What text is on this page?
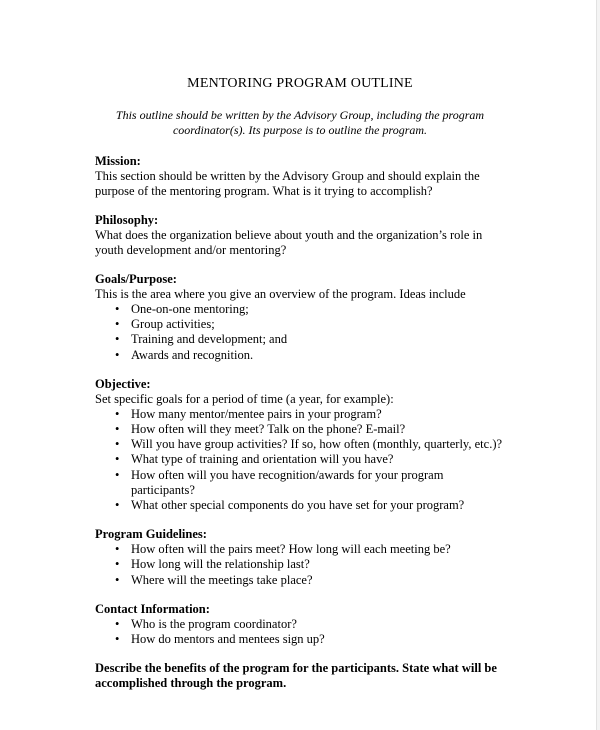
MENTORING PROGRAM OUTLINE
This outline should be written by the Advisory Group, including the program coordinator(s). Its purpose is to outline the program.
Mission:
This section should be written by the Advisory Group and should explain the purpose of the mentoring program. What is it trying to accomplish?
Philosophy:
What does the organization believe about youth and the organization’s role in youth development and/or mentoring?
Goals/Purpose:
This is the area where you give an overview of the program. Ideas include
• One-on-one mentoring;
• Group activities;
• Training and development; and
• Awards and recognition.
Objective:
Set specific goals for a period of time (a year, for example):
• How many mentor/mentee pairs in your program?
• How often will they meet? Talk on the phone? E-mail?
• Will you have group activities? If so, how often (monthly, quarterly, etc.)?
• What type of training and orientation will you have?
• How often will you have recognition/awards for your program participants?
• What other special components do you have set for your program?
Program Guidelines:
• How often will the pairs meet? How long will each meeting be?
• How long will the relationship last?
• Where will the meetings take place?
Contact Information:
• Who is the program coordinator?
• How do mentors and mentees sign up?
Describe the benefits of the program for the participants. State what will be accomplished through the program.
